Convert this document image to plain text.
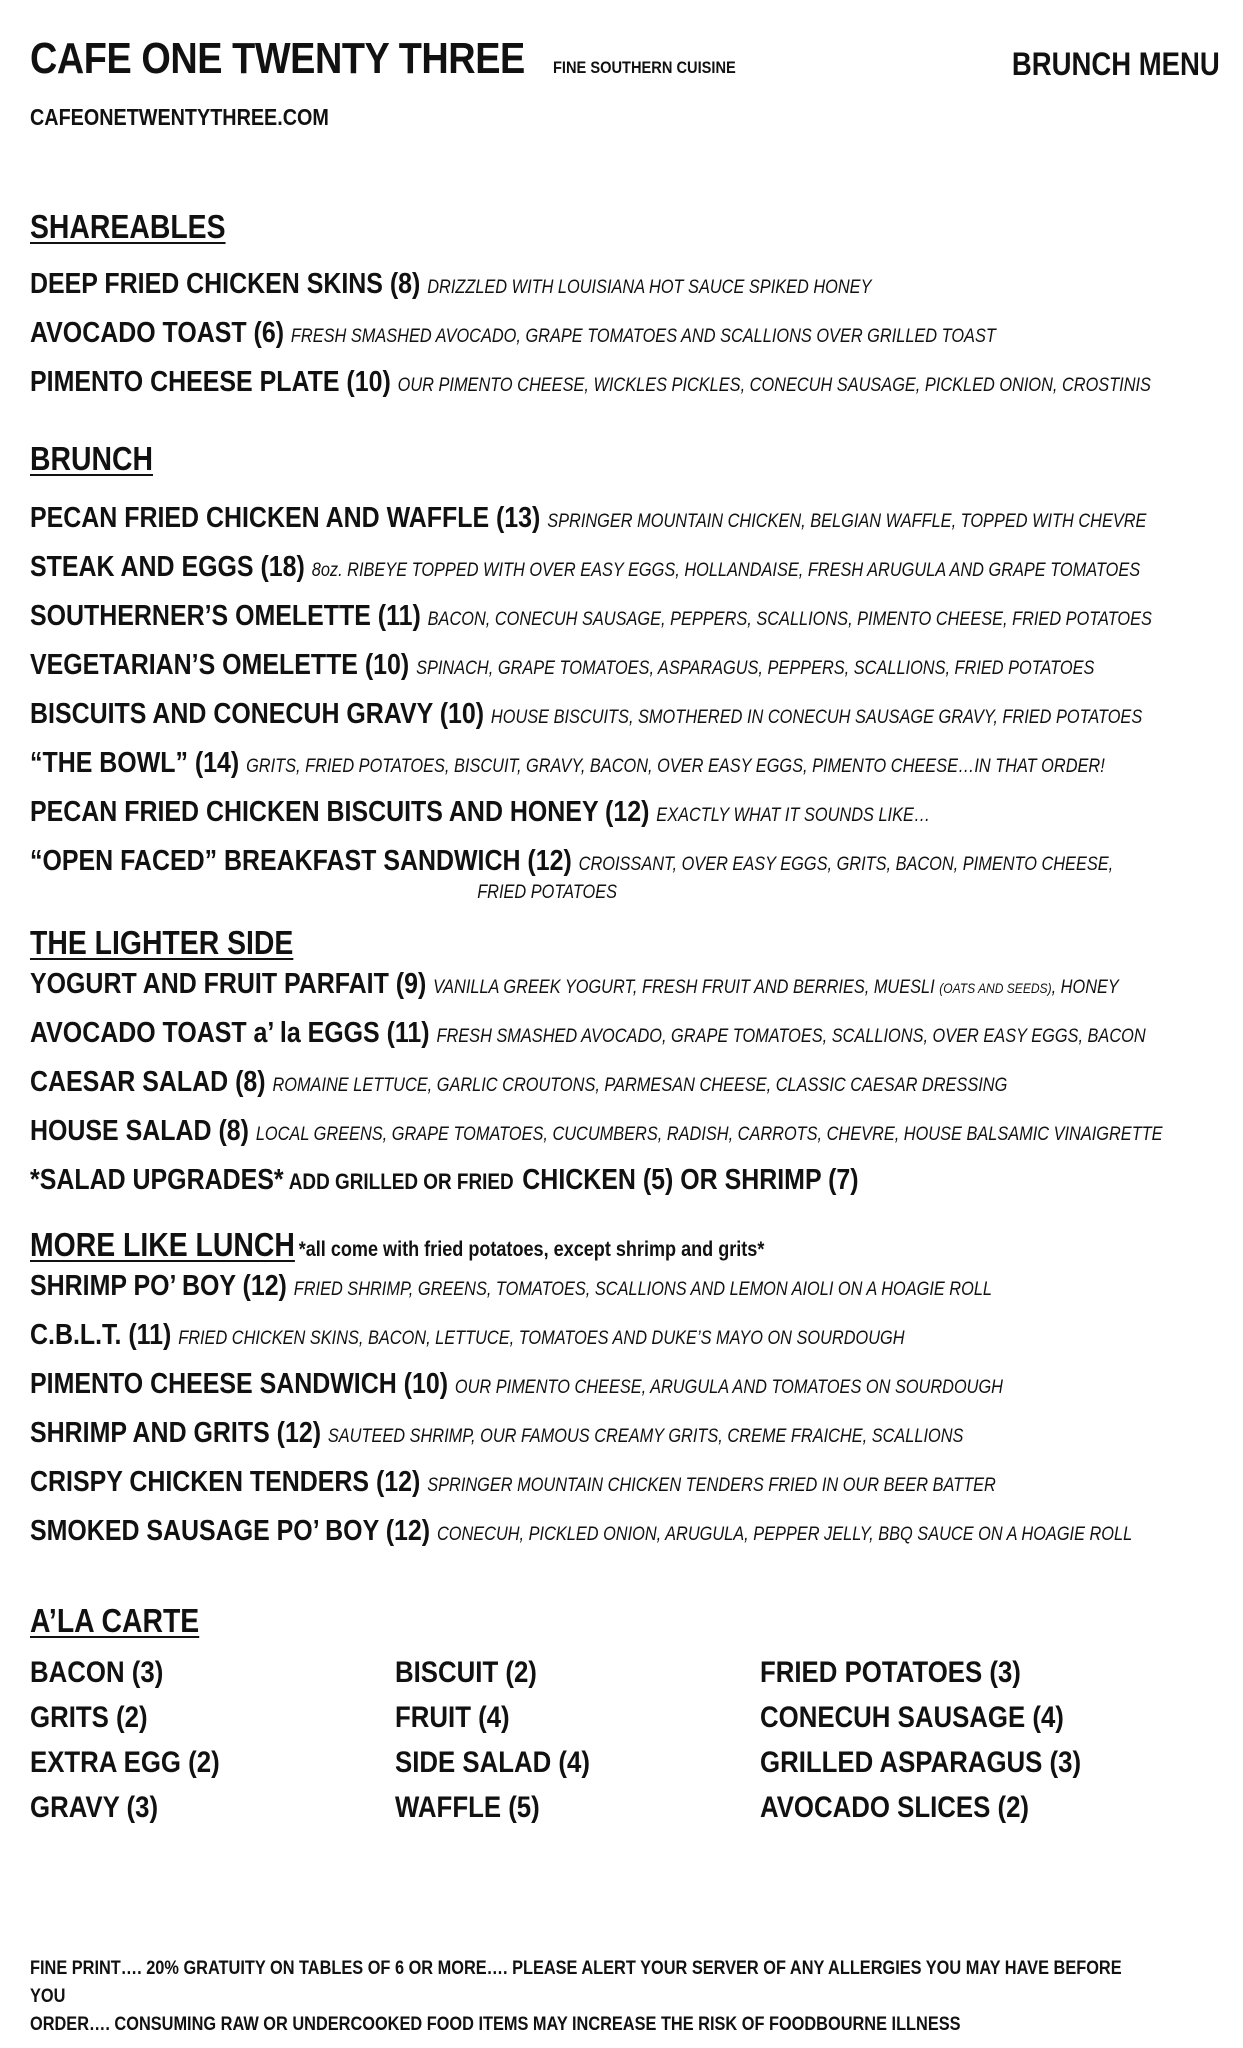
CAFE ONE TWENTY THREE FINE SOUTHERN CUISINE	BRUNCH MENU
CAFEONETWENTYTHREE.COM
SHAREABLES
DEEP FRIED CHICKEN SKINS (8) DRIZZLED WITH LOUISIANA HOT SAUCE SPIKED HONEY
AVOCADO TOAST (6) FRESH SMASHED AVOCADO, GRAPE TOMATOES AND SCALLIONS OVER GRILLED TOAST
PIMENTO CHEESE PLATE (10) OUR PIMENTO CHEESE, WICKLES PICKLES, CONECUH SAUSAGE, PICKLED ONION, CROSTINIS
BRUNCH
PECAN FRIED CHICKEN AND WAFFLE (13) SPRINGER MOUNTAIN CHICKEN, BELGIAN WAFFLE, TOPPED WITH CHEVRE
STEAK AND EGGS (18) 8oz. RIBEYE TOPPED WITH OVER EASY EGGS, HOLLANDAISE, FRESH ARUGULA AND GRAPE TOMATOES
SOUTHERNER’S OMELETTE (11) BACON, CONECUH SAUSAGE, PEPPERS, SCALLIONS, PIMENTO CHEESE, FRIED POTATOES
VEGETARIAN’S OMELETTE (10) SPINACH, GRAPE TOMATOES, ASPARAGUS, PEPPERS, SCALLIONS, FRIED POTATOES
BISCUITS AND CONECUH GRAVY (10) HOUSE BISCUITS, SMOTHERED IN CONECUH SAUSAGE GRAVY, FRIED POTATOES
“THE BOWL” (14) GRITS, FRIED POTATOES, BISCUIT, GRAVY, BACON, OVER EASY EGGS, PIMENTO CHEESE…IN THAT ORDER!
PECAN FRIED CHICKEN BISCUITS AND HONEY (12) EXACTLY WHAT IT SOUNDS LIKE…
“OPEN FACED” BREAKFAST SANDWICH (12) CROISSANT, OVER EASY EGGS, GRITS, BACON, PIMENTO CHEESE,
FRIED POTATOES
THE LIGHTER SIDE
YOGURT AND FRUIT PARFAIT (9) VANILLA GREEK YOGURT, FRESH FRUIT AND BERRIES, MUESLI (OATS AND SEEDS), HONEY
AVOCADO TOAST a’ la EGGS (11) FRESH SMASHED AVOCADO, GRAPE TOMATOES, SCALLIONS, OVER EASY EGGS, BACON
CAESAR SALAD (8) ROMAINE LETTUCE, GARLIC CROUTONS, PARMESAN CHEESE, CLASSIC CAESAR DRESSING
HOUSE SALAD (8) LOCAL GREENS, GRAPE TOMATOES, CUCUMBERS, RADISH, CARROTS, CHEVRE, HOUSE BALSAMIC VINAIGRETTE
*SALAD UPGRADES* ADD GRILLED OR FRIED CHICKEN (5) OR SHRIMP (7)
MORE LIKE LUNCH *all come with fried potatoes, except shrimp and grits*
SHRIMP PO’ BOY (12) FRIED SHRIMP, GREENS, TOMATOES, SCALLIONS AND LEMON AIOLI ON A HOAGIE ROLL
C.B.L.T. (11) FRIED CHICKEN SKINS, BACON, LETTUCE, TOMATOES AND DUKE’S MAYO ON SOURDOUGH
PIMENTO CHEESE SANDWICH (10) OUR PIMENTO CHEESE, ARUGULA AND TOMATOES ON SOURDOUGH
SHRIMP AND GRITS (12) SAUTEED SHRIMP, OUR FAMOUS CREAMY GRITS, CREME FRAICHE, SCALLIONS
CRISPY CHICKEN TENDERS (12) SPRINGER MOUNTAIN CHICKEN TENDERS FRIED IN OUR BEER BATTER
SMOKED SAUSAGE PO’ BOY (12) CONECUH, PICKLED ONION, ARUGULA, PEPPER JELLY, BBQ SAUCE ON A HOAGIE ROLL
A’LA CARTE
BACON (3)	BISCUIT (2)	FRIED POTATOES (3)
GRITS (2)	FRUIT (4)	CONECUH SAUSAGE (4)
EXTRA EGG (2)	SIDE SALAD (4)	GRILLED ASPARAGUS (3)
GRAVY (3)	WAFFLE (5)	AVOCADO SLICES (2)
FINE PRINT…. 20% GRATUITY ON TABLES OF 6 OR MORE…. PLEASE ALERT YOUR SERVER OF ANY ALLERGIES YOU MAY HAVE BEFORE YOU
ORDER…. CONSUMING RAW OR UNDERCOOKED FOOD ITEMS MAY INCREASE THE RISK OF FOODBOURNE ILLNESS
